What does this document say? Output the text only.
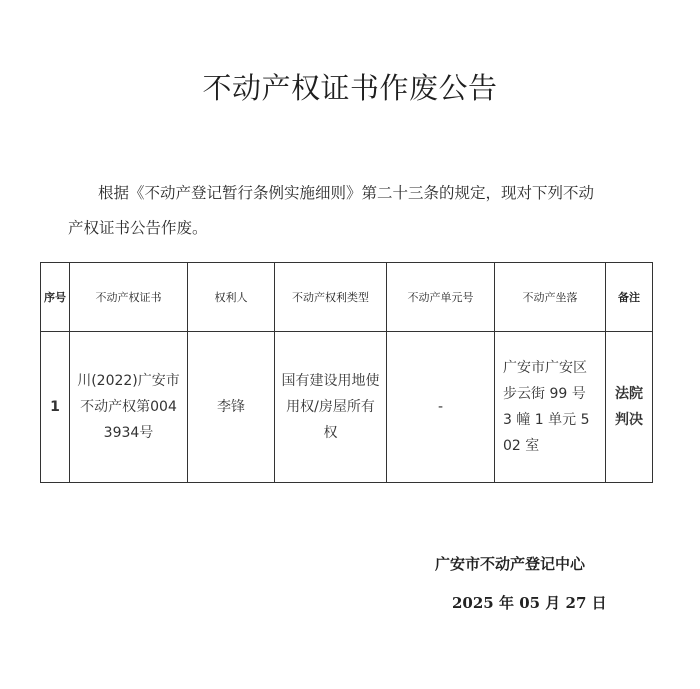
不动产权证书作废公告
根据《不动产登记暂行条例实施细则》第二十三条的规定，现对下列不动
产权证书公告作废。
序号	不动产权证书	权利人	不动产权利类型	不动产单元号	不动产坐落	备注
1	川(2022)广安市不动产权第0043934号	李锋	国有建设用地使用权/房屋所有权	-	广安市广安区步云街 99 号 3 幢 1 单元 502 室	法院判决
广安市不动产登记中心
2025 年 05 月 27 日
